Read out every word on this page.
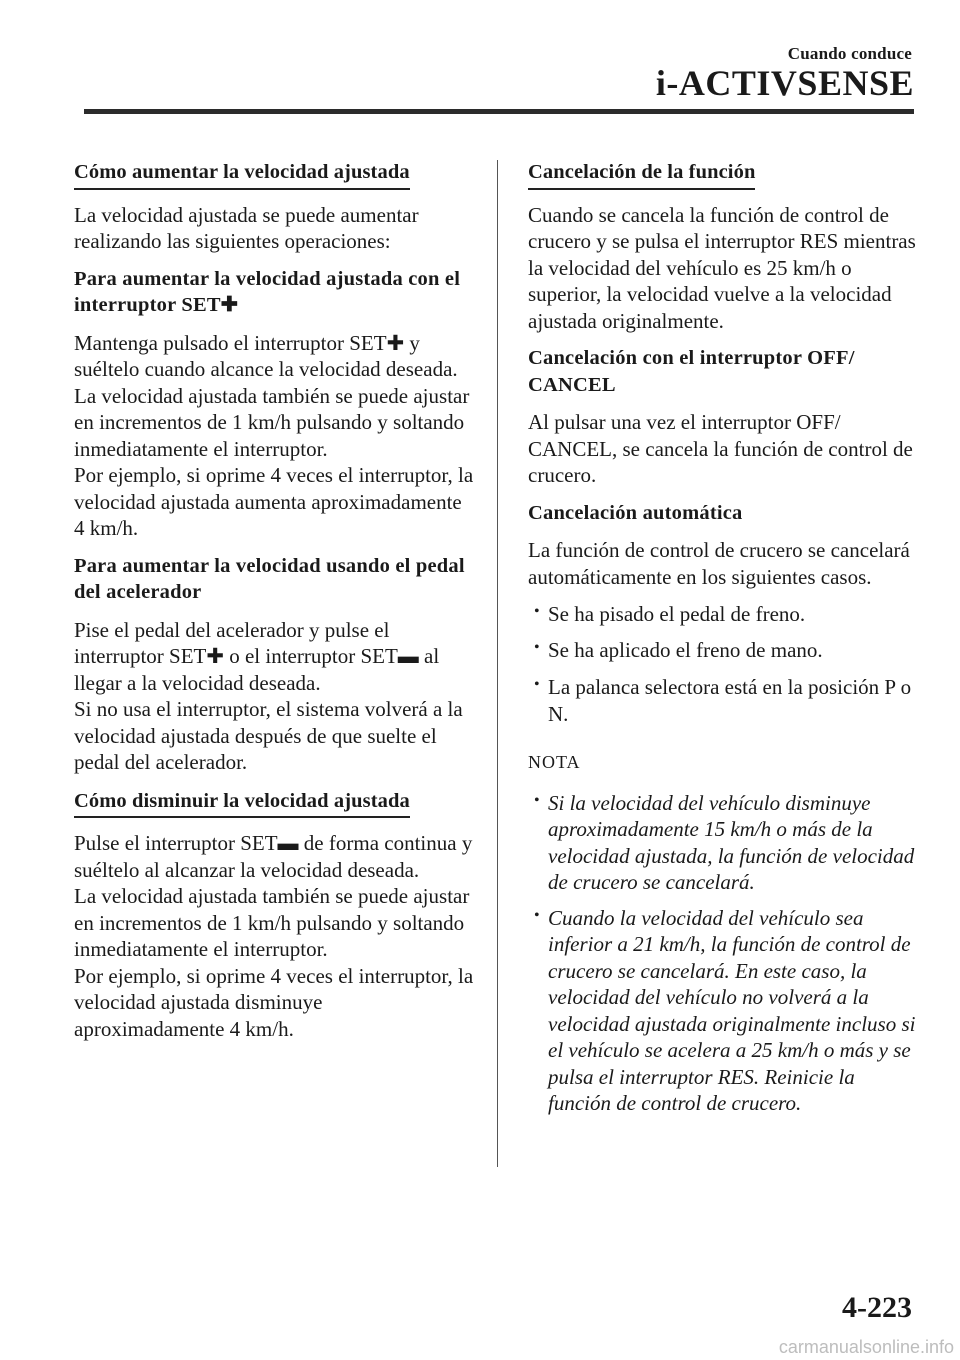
Cuando conduce
i-ACTIVSENSE
Cómo aumentar la velocidad ajustada
La velocidad ajustada se puede aumentar realizando las siguientes operaciones:
Para aumentar la velocidad ajustada con el interruptor SET✚
Mantenga pulsado el interruptor SET✚ y suéltelo cuando alcance la velocidad deseada.
La velocidad ajustada también se puede ajustar en incrementos de 1 km/h pulsando y soltando inmediatamente el interruptor.
Por ejemplo, si oprime 4 veces el interruptor, la velocidad ajustada aumenta aproximadamente 4 km/h.
Para aumentar la velocidad usando el pedal del acelerador
Pise el pedal del acelerador y pulse el interruptor SET✚ o el interruptor SET▬ al llegar a la velocidad deseada.
Si no usa el interruptor, el sistema volverá a la velocidad ajustada después de que suelte el pedal del acelerador.
Cómo disminuir la velocidad ajustada
Pulse el interruptor SET▬ de forma continua y suéltelo al alcanzar la velocidad deseada.
La velocidad ajustada también se puede ajustar en incrementos de 1 km/h pulsando y soltando inmediatamente el interruptor.
Por ejemplo, si oprime 4 veces el interruptor, la velocidad ajustada disminuye aproximadamente 4 km/h.
Cancelación de la función
Cuando se cancela la función de control de crucero y se pulsa el interruptor RES mientras la velocidad del vehículo es 25 km/h o superior, la velocidad vuelve a la velocidad ajustada originalmente.
Cancelación con el interruptor OFF/ CANCEL
Al pulsar una vez el interruptor OFF/ CANCEL, se cancela la función de control de crucero.
Cancelación automática
La función de control de crucero se cancelará automáticamente en los siguientes casos.
• Se ha pisado el pedal de freno.
• Se ha aplicado el freno de mano.
• La palanca selectora está en la posición P o N.
NOTA
• Si la velocidad del vehículo disminuye aproximadamente 15 km/h o más de la velocidad ajustada, la función de velocidad de crucero se cancelará.
• Cuando la velocidad del vehículo sea inferior a 21 km/h, la función de control de crucero se cancelará. En este caso, la velocidad del vehículo no volverá a la velocidad ajustada originalmente incluso si el vehículo se acelera a 25 km/h o más y se pulsa el interruptor RES. Reinicie la función de control de crucero.
4-223
carmanualsonline.info
